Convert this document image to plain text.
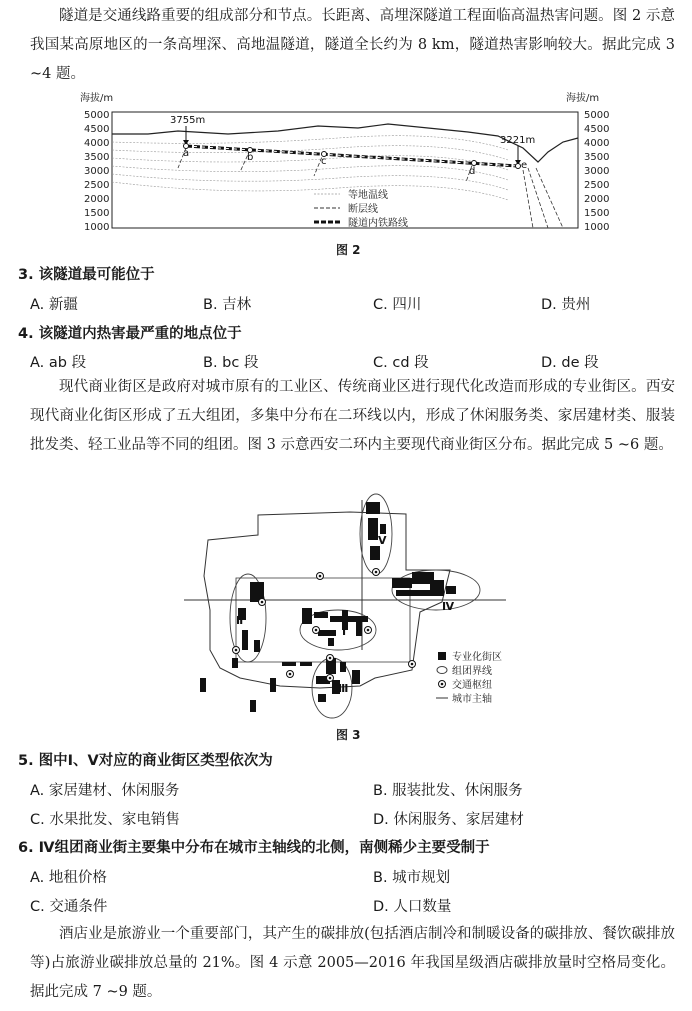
隧道是交通线路重要的组成部分和节点。长距离、高埋深隧道工程面临高温热害问题。图 2 示意我国某高原地区的一条高埋深、高地温隧道，隧道全长约为 8 km，隧道热害影响较大。据此完成 3 ~4 题。

海拔/m	海拔/m
5000
4500
4000
3500
3000
2500
2000
1500
1000
5000
4500
4000
3500
3000
2500
2000
1500
1000
3755m
3221m
a	b	c
d
e
等地温线
断层线
隧道内铁路线

图 2

3. 该隧道最可能位于

A. 新疆	B. 吉林	C. 四川	D. 贵州

4. 该隧道内热害最严重的地点位于

A. ab 段	B. bc 段	C. cd 段	D. de 段

现代商业街区是政府对城市原有的工业区、传统商业区进行现代化改造而形成的专业街区。西安现代商业化街区形成了五大组团，多集中分布在二环线以内，形成了休闲服务类、家居建材类、服装批发类、轻工业品等不同的组团。图 3 示意西安二环内主要现代商业街区分布。据此完成 5 ~6 题。

Ⅰ
Ⅱ
Ⅲ
Ⅳ
Ⅴ
专业化街区
组团界线
交通枢纽
城市主轴

图 3

5. 图中Ⅰ、Ⅴ对应的商业街区类型依次为

A. 家居建材、休闲服务	B. 服装批发、休闲服务

C. 水果批发、家电销售	D. 休闲服务、家居建材

6. Ⅳ组团商业街主要集中分布在城市主轴线的北侧，南侧稀少主要受制于

A. 地租价格	B. 城市规划

C. 交通条件	D. 人口数量

酒店业是旅游业一个重要部门，其产生的碳排放(包括酒店制冷和制暖设备的碳排放、餐饮碳排放等)占旅游业碳排放总量的 21%。图 4 示意 2005—2016 年我国星级酒店碳排放量时空格局变化。据此完成 7 ~9 题。
